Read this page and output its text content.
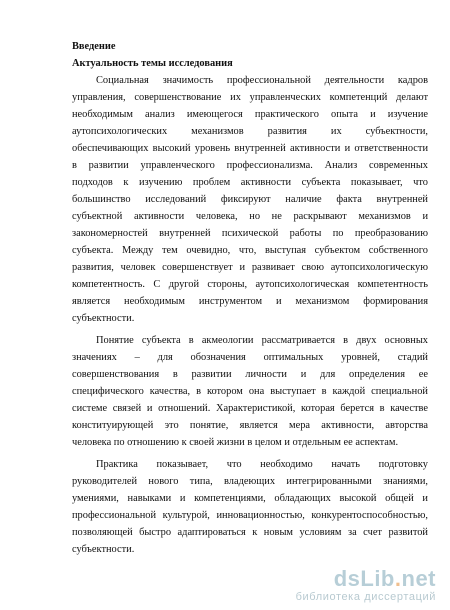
Введение
Актуальность темы исследования
Социальная значимость профессиональной деятельности кадров
управления, совершенствование их управленческих компетенций делают
необходимым анализ имеющегося практического опыта и изучение
аутопсихологических механизмов развития их субъектности,
обеспечивающих высокий уровень внутренней активности и ответственности
в развитии управленческого профессионализма. Анализ современных
подходов к изучению проблем активности субъекта показывает, что
большинство исследований фиксируют наличие факта внутренней
субъектной активности человека, но не раскрывают механизмов и
закономерностей внутренней психической работы по преобразованию
субъекта. Между тем очевидно, что, выступая субъектом собственного
развития, человек совершенствует и развивает свою аутопсихологическую
компетентность. С другой стороны, аутопсихологическая компетентность
является необходимым инструментом и механизмом формирования
субъектности.
Понятие субъекта в акмеологии рассматривается в двух основных
значениях – для обозначения оптимальных уровней, стадий
совершенствования в развитии личности и для определения ее
специфического качества, в котором она выступает в каждой специальной
системе связей и отношений. Характеристикой, которая берется в качестве
конституирующей это понятие, является мера активности, авторства
человека по отношению к своей жизни в целом и отдельным ее аспектам.
Практика показывает, что необходимо начать подготовку
руководителей нового типа, владеющих интегрированными знаниями,
умениями, навыками и компетенциями, обладающих высокой общей и
профессиональной культурой, инновационностью, конкурентоспособностью,
позволяющей быстро адаптироваться к новым условиям за счет развитой
субъектности.
dsLib.net
библиотека диссертаций
